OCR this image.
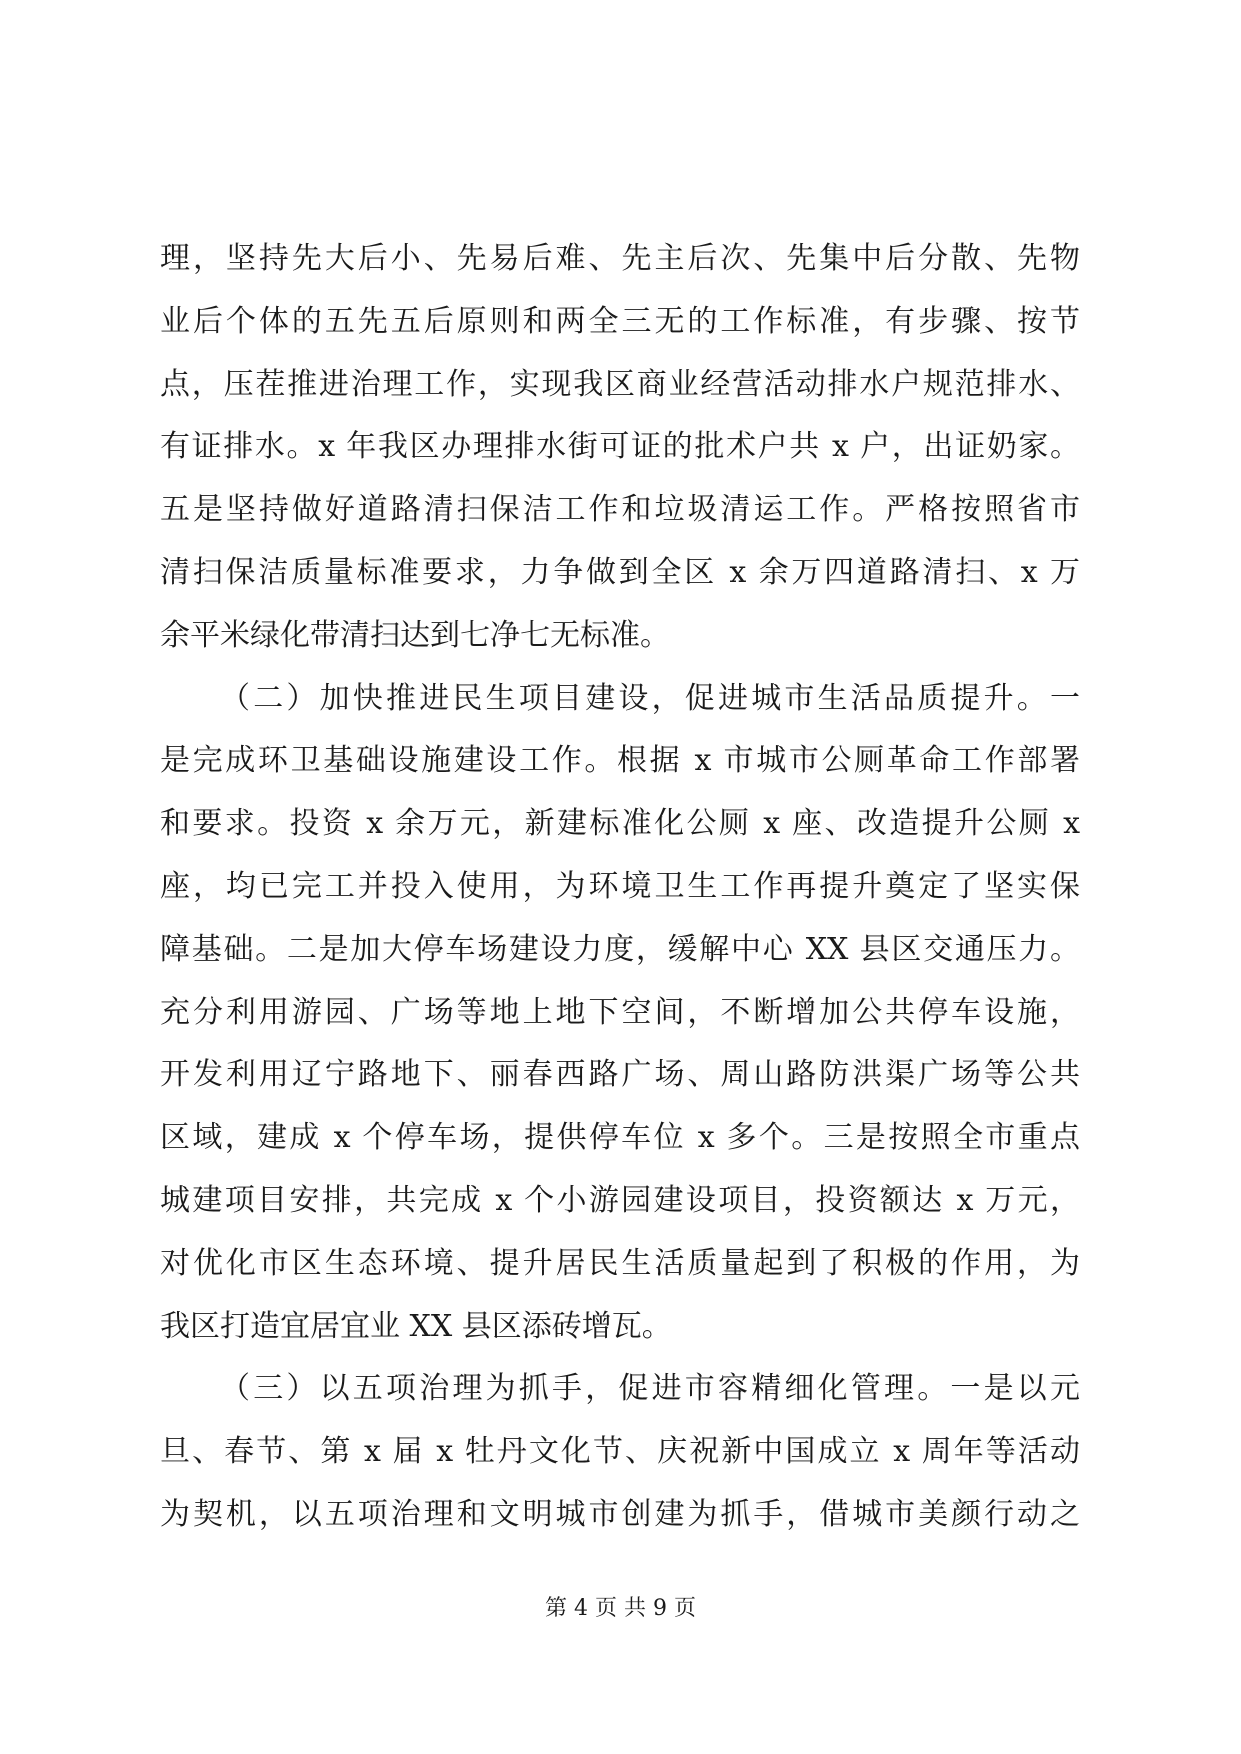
理，坚持先大后小、先易后难、先主后次、先集中后分散、先物
业后个体的五先五后原则和两全三无的工作标准，有步骤、按节
点，压茬推进治理工作，实现我区商业经营活动排水户规范排水、
有证排水。x 年我区办理排水街可证的批术户共 x 户，出证奶家。
五是坚持做好道路清扫保洁工作和垃圾清运工作。严格按照省市
清扫保洁质量标准要求，力争做到全区 x 余万四道路清扫、x 万
余平米绿化带清扫达到七净七无标准。
（二）加快推进民生项目建设，促进城市生活品质提升。一
是完成环卫基础设施建设工作。根据 x 市城市公厕革命工作部署
和要求。投资 x 余万元，新建标准化公厕 x 座、改造提升公厕 x
座，均已完工并投入使用，为环境卫生工作再提升奠定了坚实保
障基础。二是加大停车场建设力度，缓解中心 XX 县区交通压力。
充分利用游园、广场等地上地下空间，不断增加公共停车设施，
开发利用辽宁路地下、丽春西路广场、周山路防洪渠广场等公共
区域，建成 x 个停车场，提供停车位 x 多个。三是按照全市重点
城建项目安排，共完成 x 个小游园建设项目，投资额达 x 万元，
对优化市区生态环境、提升居民生活质量起到了积极的作用，为
我区打造宜居宜业 XX 县区添砖增瓦。
（三）以五项治理为抓手，促进市容精细化管理。一是以元
旦、春节、第 x 届 x 牡丹文化节、庆祝新中国成立 x 周年等活动
为契机，以五项治理和文明城市创建为抓手，借城市美颜行动之
第 4 页 共 9 页
